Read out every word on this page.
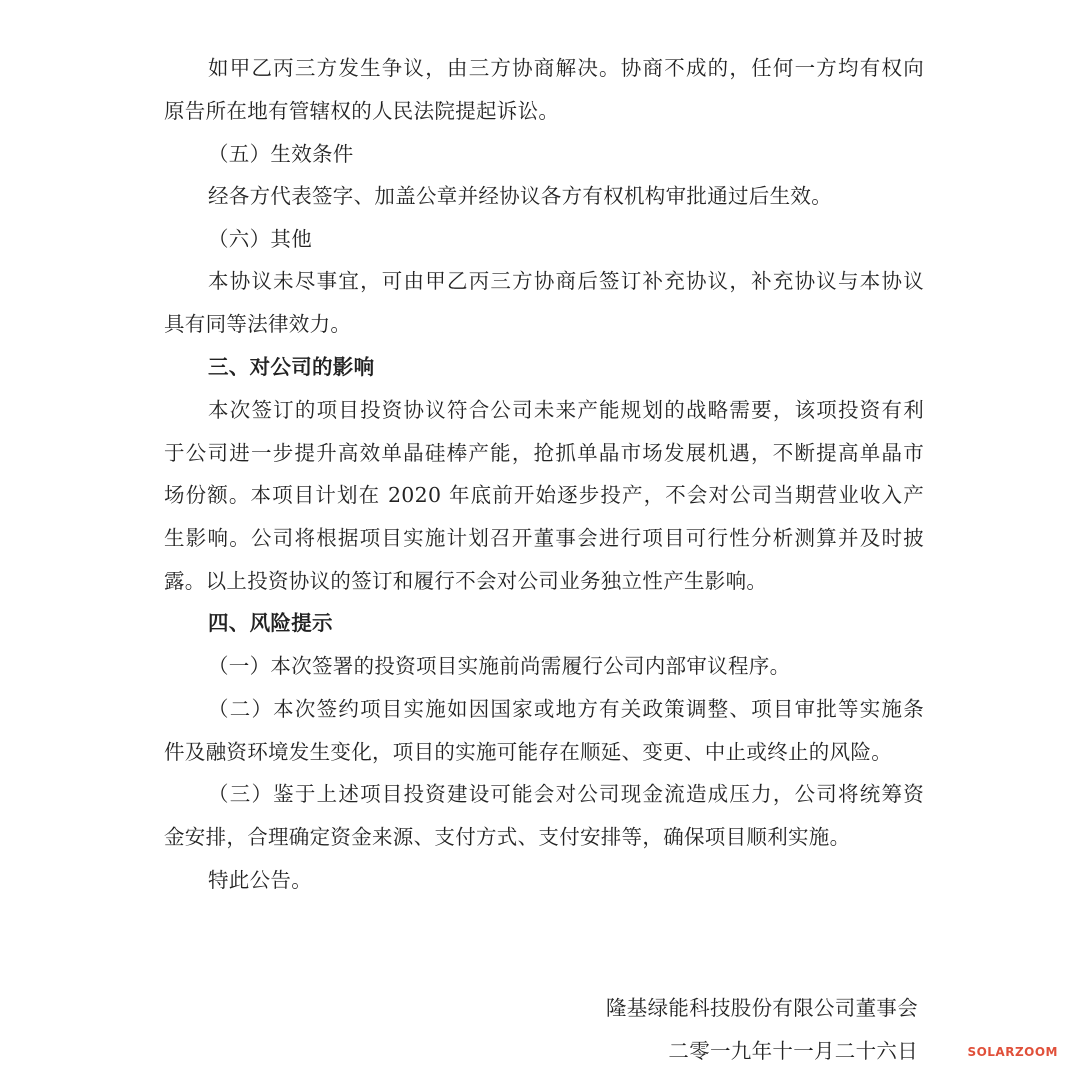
如甲乙丙三方发生争议，由三方协商解决。协商不成的，任何一方均有权向
原告所在地有管辖权的人民法院提起诉讼。
（五）生效条件
经各方代表签字、加盖公章并经协议各方有权机构审批通过后生效。
（六）其他
本协议未尽事宜，可由甲乙丙三方协商后签订补充协议，补充协议与本协议
具有同等法律效力。
三、对公司的影响
本次签订的项目投资协议符合公司未来产能规划的战略需要，该项投资有利
于公司进一步提升高效单晶硅棒产能，抢抓单晶市场发展机遇，不断提高单晶市
场份额。本项目计划在 2020 年底前开始逐步投产，不会对公司当期营业收入产
生影响。公司将根据项目实施计划召开董事会进行项目可行性分析测算并及时披
露。以上投资协议的签订和履行不会对公司业务独立性产生影响。
四、风险提示
（一）本次签署的投资项目实施前尚需履行公司内部审议程序。
（二）本次签约项目实施如因国家或地方有关政策调整、项目审批等实施条
件及融资环境发生变化，项目的实施可能存在顺延、变更、中止或终止的风险。
（三）鉴于上述项目投资建设可能会对公司现金流造成压力，公司将统筹资
金安排，合理确定资金来源、支付方式、支付安排等，确保项目顺利实施。
特此公告。
隆基绿能科技股份有限公司董事会
二零一九年十一月二十六日	SOLARZOOM
